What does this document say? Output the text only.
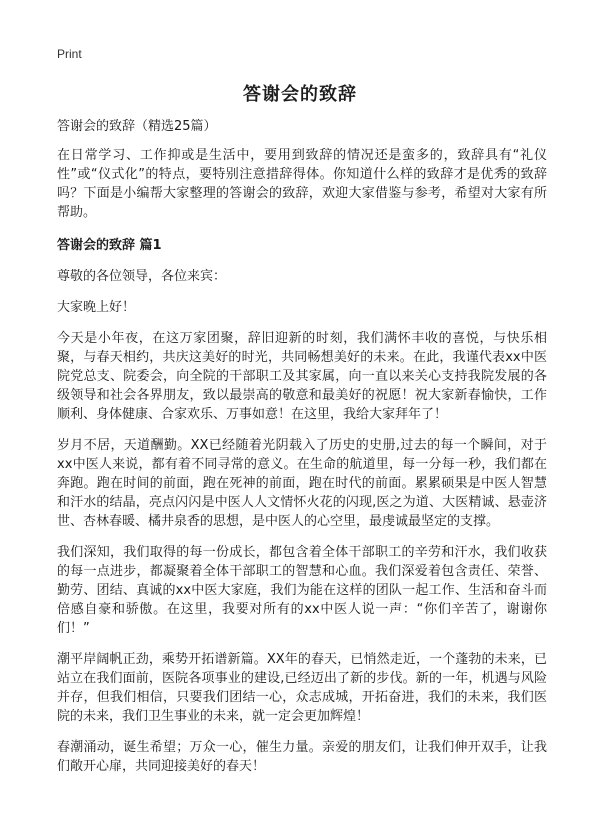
Print
答谢会的致辞

答谢会的致辞（精选25篇）

在日常学习、工作抑或是生活中，要用到致辞的情况还是蛮多的，致辞具有“礼仪性”或“仪式化”的特点，要特别注意措辞得体。你知道什么样的致辞才是优秀的致辞吗？下面是小编帮大家整理的答谢会的致辞，欢迎大家借鉴与参考，希望对大家有所帮助。

答谢会的致辞 篇1

尊敬的各位领导，各位来宾：

大家晚上好！

今天是小年夜，在这万家团聚，辞旧迎新的时刻，我们满怀丰收的喜悦，与快乐相聚，与春天相约，共庆这美好的时光，共同畅想美好的未来。在此，我谨代表xx中医院党总支、院委会，向全院的干部职工及其家属，向一直以来关心支持我院发展的各级领导和社会各界朋友，致以最崇高的敬意和最美好的祝愿！祝大家新春愉快，工作顺利、身体健康、合家欢乐、万事如意！在这里，我给大家拜年了！

岁月不居，天道酬勤。XX已经随着光阴载入了历史的史册,过去的每一个瞬间，对于xx中医人来说，都有着不同寻常的意义。在生命的航道里，每一分每一秒，我们都在奔跑。跑在时间的前面，跑在死神的前面，跑在时代的前面。累累硕果是中医人智慧和汗水的结晶，亮点闪闪是中医人人文情怀火花的闪现,医之为道、大医精诚、悬壶济世、杏林春暖、橘井泉香的思想，是中医人的心空里，最虔诚最坚定的支撑。

我们深知，我们取得的每一份成长，都包含着全体干部职工的辛劳和汗水，我们收获的每一点进步，都凝聚着全体干部职工的智慧和心血。我们深爱着包含责任、荣誉、勤劳、团结、真诚的xx中医大家庭，我们为能在这样的团队一起工作、生活和奋斗而倍感自豪和骄傲。在这里，我要对所有的xx中医人说一声：“你们辛苦了，谢谢你们！”

潮平岸阔帆正劲，乘势开拓谱新篇。XX年的春天，已悄然走近，一个蓬勃的未来，已站立在我们面前，医院各项事业的建设,已经迈出了新的步伐。新的一年，机遇与风险并存，但我们相信，只要我们团结一心，众志成城，开拓奋进，我们的未来，我们医院的未来，我们卫生事业的未来，就一定会更加辉煌！

春潮涌动，诞生希望；万众一心，催生力量。亲爱的朋友们，让我们伸开双手，让我们敞开心扉，共同迎接美好的春天！
